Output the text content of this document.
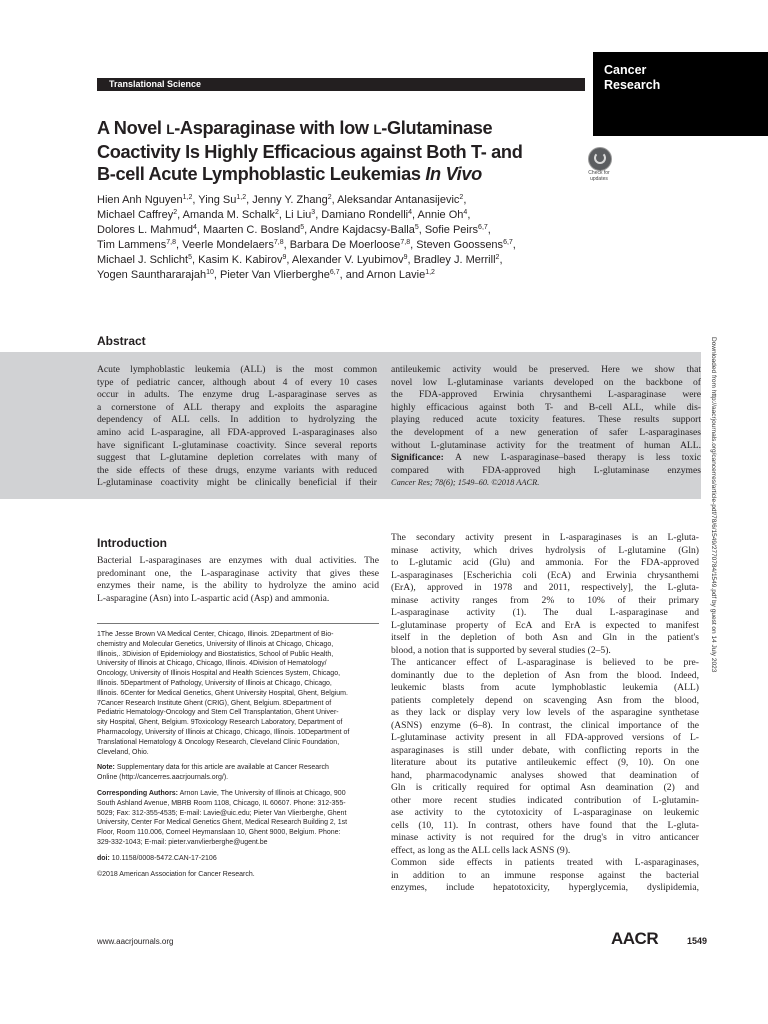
Translational Science
Cancer
Research
A Novel L-Asparaginase with low L-Glutaminase
Coactivity Is Highly Efficacious against Both T- and
B-cell Acute Lymphoblastic Leukemias In Vivo	Check for
updates
Hien Anh Nguyen$^{1,2}$, Ying Su$^{1,2}$, Jenny Y. Zhang$^2$, Aleksandar Antanasijevic$^2$,
Michael Caffrey$^2$, Amanda M. Schalk$^2$, Li Liu$^3$, Damiano Rondelli$^4$, Annie Oh$^4$,
Dolores L. Mahmud$^4$, Maarten C. Bosland$^5$, Andre Kajdacsy-Balla$^5$, Sofie Peirs$^{6,7}$,
Tim Lammens$^{7,8}$, Veerle Mondelaers$^{7,8}$, Barbara De Moerloose$^{7,8}$, Steven Goossens$^{6,7}$,
Michael J. Schlicht$^5$, Kasim K. Kabirov$^9$, Alexander V. Lyubimov$^9$, Bradley J. Merrill$^2$,
Yogen Saunthararajah$^{10}$, Pieter Van Vlierberghe$^{6,7}$, and Arnon Lavie$^{1,2}$
Downloaded from http://aacrjournals.org/cancerres/article-pdf/78/6/1549/2770784/1549.pdf by guest on 14 July 2023
Abstract
Acute lymphoblastic leukemia (ALL) is the most common
type of pediatric cancer, although about 4 of every 10 cases
occur in adults. The enzyme drug L-asparaginase serves as
a cornerstone of ALL therapy and exploits the asparagine
dependency of ALL cells. In addition to hydrolyzing the
amino acid L-asparagine, all FDA-approved L-asparaginases also
have significant L-glutaminase coactivity. Since several reports
suggest that L-glutamine depletion correlates with many of
the side effects of these drugs, enzyme variants with reduced
L-glutaminase coactivity might be clinically beneficial if their
antileukemic activity would be preserved. Here we show that
novel low L-glutaminase variants developed on the backbone of
the FDA-approved Erwinia chrysanthemi L-asparaginase were
highly efficacious against both T- and B-cell ALL, while dis-
playing reduced acute toxicity features. These results support
the development of a new generation of safer L-asparaginases
without L-glutaminase activity for the treatment of human ALL.
Significance: A new L-asparaginase–based therapy is less toxic
compared with FDA-approved high L-glutaminase enzymes
Cancer Res; 78(6); 1549–60. ©2018 AACR.
Introduction
Bacterial L-asparaginases are enzymes with dual activities. The
predominant one, the L-asparaginase activity that gives these
enzymes their name, is the ability to hydrolyze the amino acid
L-asparagine (Asn) into L-aspartic acid (Asp) and ammonia.
1The Jesse Brown VA Medical Center, Chicago, Illinois. 2Department of Bio-
chemistry and Molecular Genetics, University of Illinois at Chicago, Chicago,
Illinois,. 3Division of Epidemiology and Biostatistics, School of Public Health,
University of Illinois at Chicago, Chicago, Illinois. 4Division of Hematology/
Oncology, University of Illinois Hospital and Health Sciences System, Chicago,
Illinois. 5Department of Pathology, University of Illinois at Chicago, Chicago,
Illinois. 6Center for Medical Genetics, Ghent University Hospital, Ghent, Belgium.
7Cancer Research Institute Ghent (CRIG), Ghent, Belgium. 8Department of
Pediatric Hematology-Oncology and Stem Cell Transplantation, Ghent Univer-
sity Hospital, Ghent, Belgium. 9Toxicology Research Laboratory, Department of
Pharmacology, University of Illinois at Chicago, Chicago, Illinois. 10Department of
Translational Hematology & Oncology Research, Cleveland Clinic Foundation,
Cleveland, Ohio.
Note: Supplementary data for this article are available at Cancer Research
Online (http://cancerres.aacrjournals.org/).
Corresponding Authors: Arnon Lavie, The University of Illinois at Chicago, 900
South Ashland Avenue, MBRB Room 1108, Chicago, IL 60607. Phone: 312-355-
5029; Fax: 312-355-4535; E-mail: Lavie@uic.edu; Pieter Van Vlierberghe, Ghent
University, Center For Medical Genetics Ghent, Medical Research Building 2, 1st
Floor, Room 110.006, Corneel Heymanslaan 10, Ghent 9000, Belgium. Phone:
329-332-1043; E-mail: pieter.vanvlierberghe@ugent.be
doi: 10.1158/0008-5472.CAN-17-2106
©2018 American Association for Cancer Research.
The secondary activity present in L-asparaginases is an L-gluta-
minase activity, which drives hydrolysis of L-glutamine (Gln)
to L-glutamic acid (Glu) and ammonia. For the FDA-approved
L-asparaginases [Escherichia coli (EcA) and Erwinia chrysanthemi
(ErA), approved in 1978 and 2011, respectively], the L-gluta-
minase activity ranges from 2% to 10% of their primary
L-asparaginase activity (1). The dual L-asparaginase and
L-glutaminase property of EcA and ErA is expected to manifest
itself in the depletion of both Asn and Gln in the patient's
blood, a notion that is supported by several studies (2–5).
The anticancer effect of L-asparaginase is believed to be pre-
dominantly due to the depletion of Asn from the blood. Indeed,
leukemic blasts from acute lymphoblastic leukemia (ALL)
patients completely depend on scavenging Asn from the blood,
as they lack or display very low levels of the asparagine synthetase
(ASNS) enzyme (6–8). In contrast, the clinical importance of the
L-glutaminase activity present in all FDA-approved versions of L-
asparaginases is still under debate, with conflicting reports in the
literature about its putative antileukemic effect (9, 10). On one
hand, pharmacodynamic analyses showed that deamination of
Gln is critically required for optimal Asn deamination (2) and
other more recent studies indicated contribution of L-glutamin-
ase activity to the cytotoxicity of L-asparaginase on leukemic
cells (10, 11). In contrast, others have found that the L-gluta-
minase activity is not required for the drug's in vitro anticancer
effect, as long as the ALL cells lack ASNS (9).
Common side effects in patients treated with L-asparaginases,
in addition to an immune response against the bacterial
enzymes, include hepatotoxicity, hyperglycemia, dyslipidemia,
www.aacrjournals.org	AACR	1549
